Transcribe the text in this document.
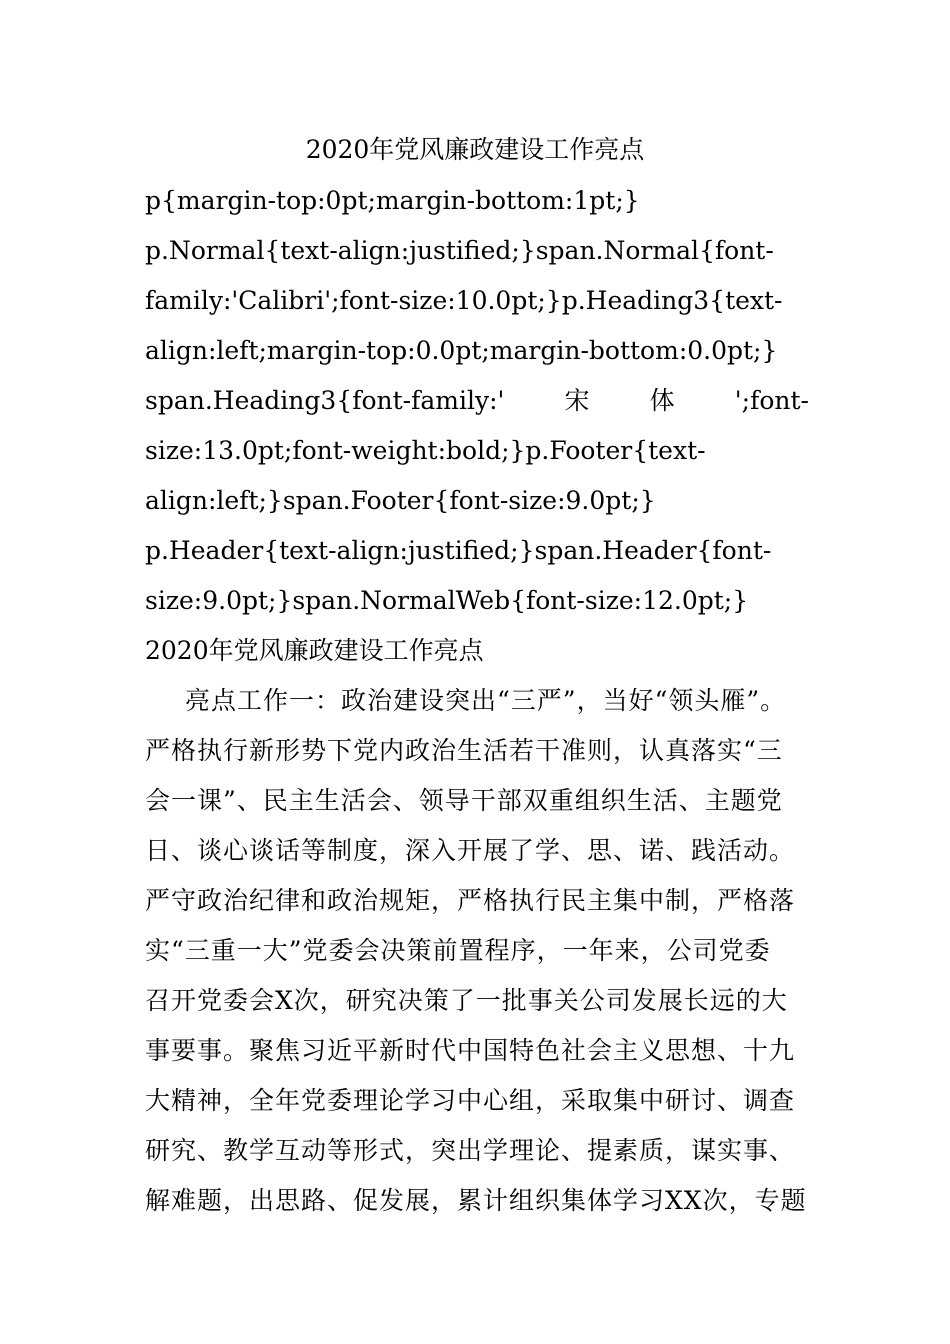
2020年党风廉政建设工作亮点
p{margin-top:0pt;margin-bottom:1pt;}
p.Normal{text-align:justified;}span.Normal{font-
family:'Calibri';font-size:10.0pt;}p.Heading3{text-
align:left;margin-top:0.0pt;margin-bottom:0.0pt;}
span.Heading3{font-family:' 宋 体 ';font-
size:13.0pt;font-weight:bold;}p.Footer{text-
align:left;}span.Footer{font-size:9.0pt;}
p.Header{text-align:justified;}span.Header{font-
size:9.0pt;}span.NormalWeb{font-size:12.0pt;}
2020年党风廉政建设工作亮点
亮点工作一：政治建设突出“三严”，当好“领头雁”。
严格执行新形势下党内政治生活若干准则，认真落实“三
会一课”、民主生活会、领导干部双重组织生活、主题党
日、谈心谈话等制度，深入开展了学、思、诺、践活动。
严守政治纪律和政治规矩，严格执行民主集中制，严格落
实“三重一大”党委会决策前置程序，一年来，公司党委
召开党委会X次，研究决策了一批事关公司发展长远的大
事要事。聚焦习近平新时代中国特色社会主义思想、十九
大精神，全年党委理论学习中心组，采取集中研讨、调查
研究、教学互动等形式，突出学理论、提素质，谋实事、
解难题，出思路、促发展，累计组织集体学习XX次，专题
